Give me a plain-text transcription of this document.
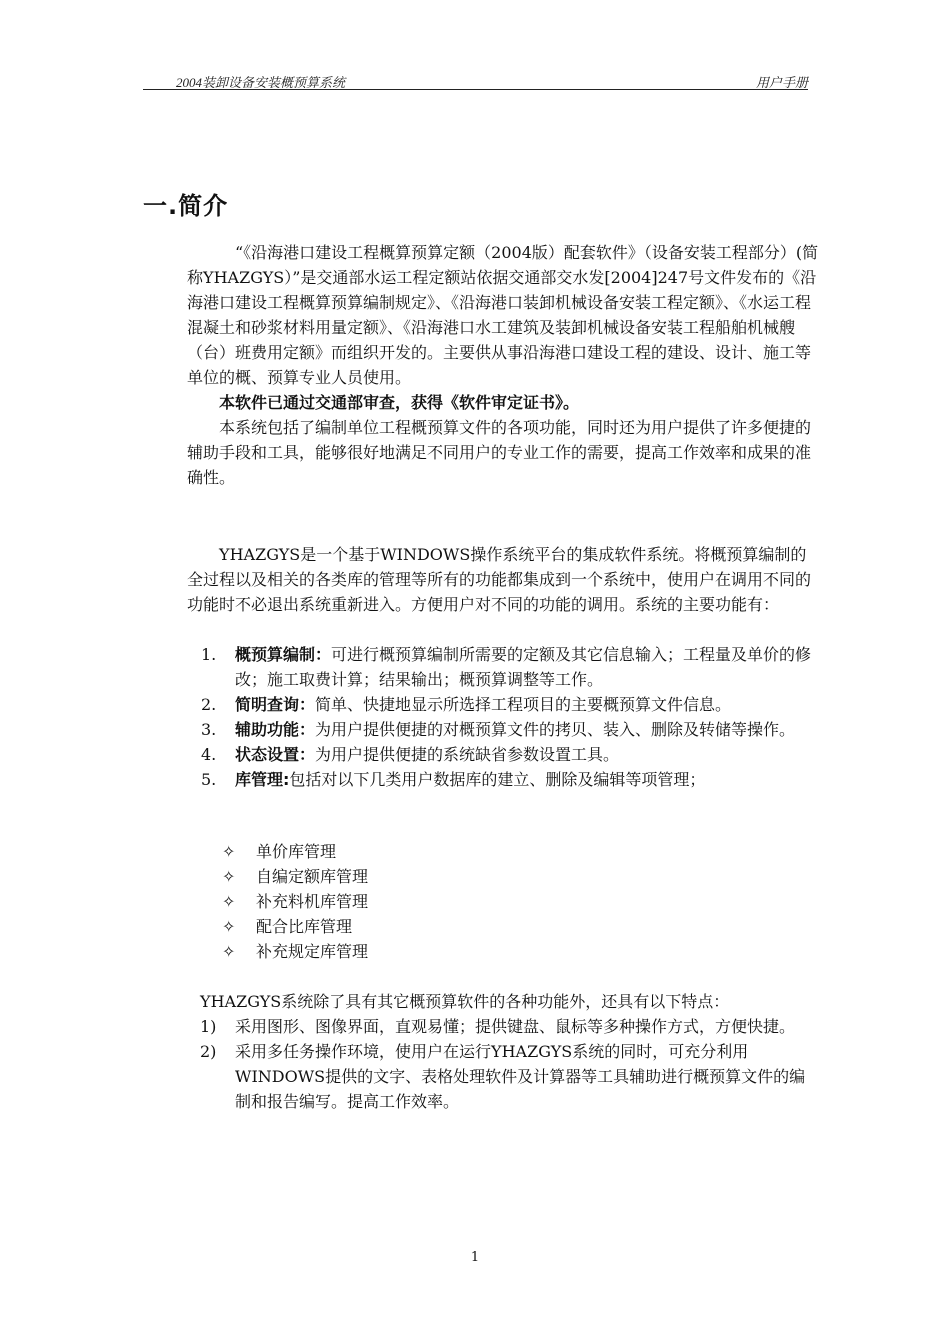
2004装卸设备安装概预算系统	用户手册
一.简介

“《沿海港口建设工程概算预算定额（2004版）配套软件》（设备安装工程部分）(简称YHAZGYS）”是交通部水运工程定额站依据交通部交水发[2004]247号文件发布的《沿海港口建设工程概算预算编制规定》、《沿海港口装卸机械设备安装工程定额》、《水运工程混凝土和砂浆材料用量定额》、《沿海港口水工建筑及装卸机械设备安装工程船舶机械艘（台）班费用定额》而组织开发的。主要供从事沿海港口建设工程的建设、设计、施工等单位的概、预算专业人员使用。

本软件已通过交通部审查，获得《软件审定证书》。

本系统包括了编制单位工程概预算文件的各项功能，同时还为用户提供了许多便捷的辅助手段和工具，能够很好地满足不同用户的专业工作的需要，提高工作效率和成果的准确性。

YHAZGYS是一个基于WINDOWS操作系统平台的集成软件系统。将概预算编制的全过程以及相关的各类库的管理等所有的功能都集成到一个系统中，使用户在调用不同的功能时不必退出系统重新进入。方便用户对不同的功能的调用。系统的主要功能有：

1. 概预算编制：可进行概预算编制所需要的定额及其它信息输入；工程量及单价的修改；施工取费计算；结果输出；概预算调整等工作。
2. 简明查询：简单、快捷地显示所选择工程项目的主要概预算文件信息。
3. 辅助功能：为用户提供便捷的对概预算文件的拷贝、装入、删除及转储等操作。
4. 状态设置：为用户提供便捷的系统缺省参数设置工具。
5. 库管理:包括对以下几类用户数据库的建立、删除及编辑等项管理；
✧ 单价库管理
✧ 自编定额库管理
✧ 补充料机库管理
✧ 配合比库管理
✧ 补充规定库管理
YHAZGYS系统除了具有其它概预算软件的各种功能外，还具有以下特点：
1) 采用图形、图像界面，直观易懂；提供键盘、鼠标等多种操作方式，方便快捷。
2) 采用多任务操作环境，使用户在运行YHAZGYS系统的同时，可充分利用WINDOWS提供的文字、表格处理软件及计算器等工具辅助进行概预算文件的编制和报告编写。提高工作效率。
1
